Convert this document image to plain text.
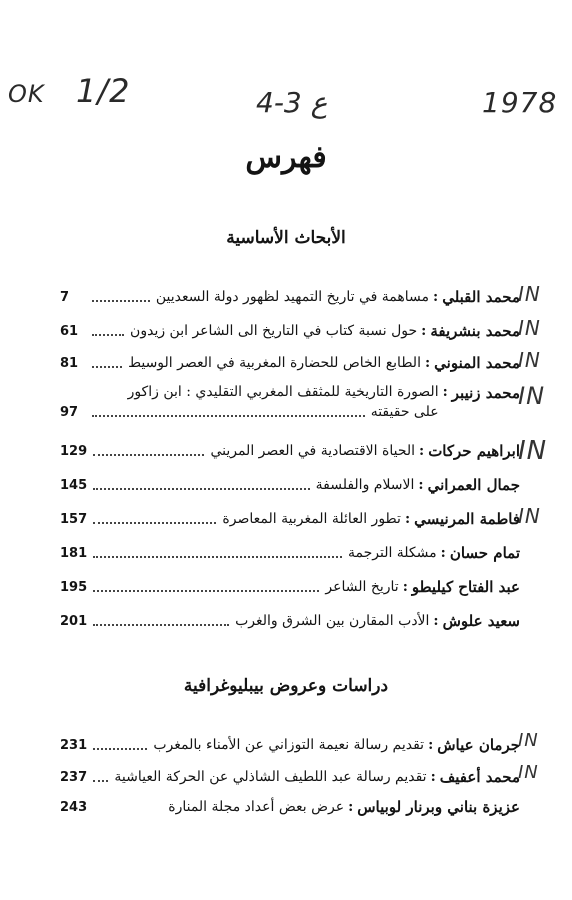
OK 1/2	4-3 ع	1978
فهرس
الأبحاث الأساسية
محمد القبلي
:
مساهمة في تاريخ التمهيد لظهور دولة السعديين
7
محمد بنشريفة
:
حول نسبة كتاب في التاريخ الى الشاعر ابن زيدون
61
محمد المنوني
:
الطابع الخاص للحضارة المغربية في العصر الوسيط
81
محمد زنيبر
:
الصورة التاريخية للمثقف المغربي التقليدي : ابن زاكور
على حقيقته
97
ابراهيم حركات
:
الحياة الاقتصادية في العصر المريني
129
جمال العمراني
:
الاسلام والفلسفة
145
فاطمة المرنيسي
:
تطور العائلة المغربية المعاصرة
157
تمام حسان
:
مشكلة الترجمة
181
عبد الفتاح كيليطو
:
تاريخ الشاعر
195
سعيد علوش
:
الأدب المقارن بين الشرق والغرب
201
دراسات وعروض بيبليوغرافية
جرمان عياش
:
تقديم رسالة نعيمة التوزاني عن الأمناء بالمغرب
231
محمد أعفيف
:
تقديم رسالة عبد اللطيف الشاذلي عن الحركة العياشية
237
عزيزة بناني وبرنار لوبياس
:
عرض بعض أعداد مجلة المنارة
243
IN
IN
IN
IN
IN
IN
IN
IN
